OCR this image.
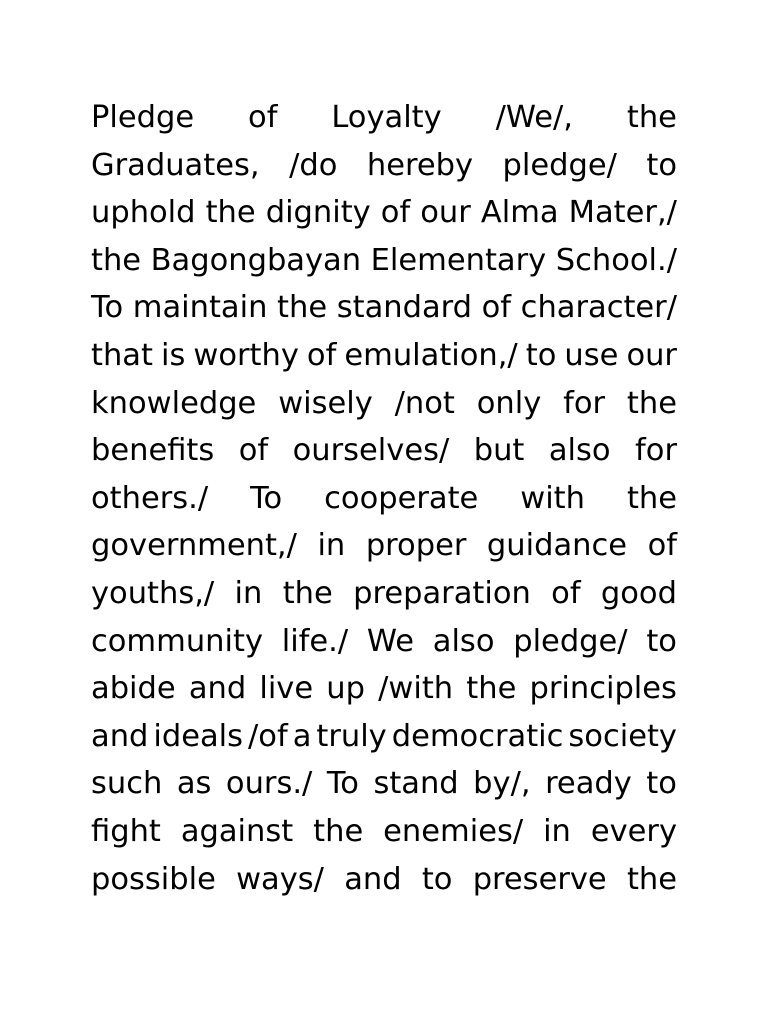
Pledge of Loyalty /We/, the
Graduates, /do hereby pledge/ to
uphold the dignity of our Alma Mater,/
the Bagongbayan Elementary School./
To maintain the standard of character/
that is worthy of emulation,/ to use our
knowledge wisely /not only for the
benefits of ourselves/ but also for
others./ To cooperate with the
government,/ in proper guidance of
youths,/ in the preparation of good
community life./ We also pledge/ to
abide and live up /with the principles
and ideals /of a truly democratic society
such as ours./ To stand by/, ready to
fight against the enemies/ in every
possible ways/ and to preserve the
